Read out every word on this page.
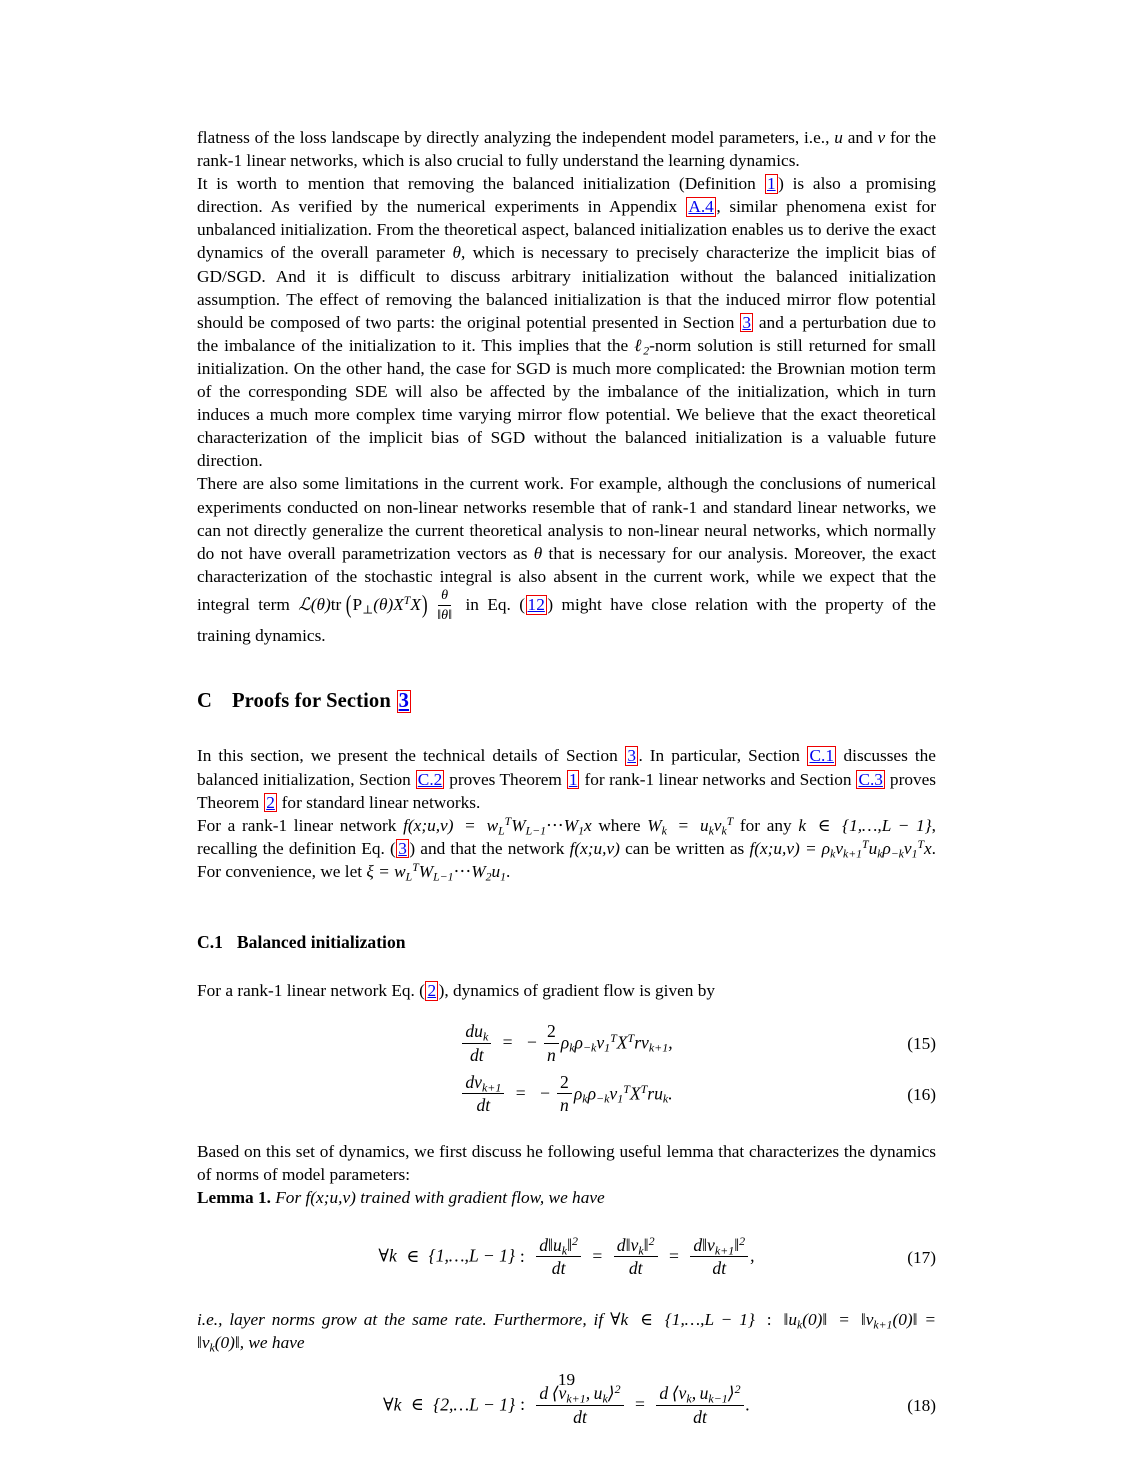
flatness of the loss landscape by directly analyzing the independent model parameters, i.e., u and v for the rank-1 linear networks, which is also crucial to fully understand the learning dynamics.

It is worth to mention that removing the balanced initialization (Definition 1 ) is also a promising direction. As verified by the numerical experiments in Appendix A.4 , similar phenomena exist for unbalanced initialization. From the theoretical aspect, balanced initialization enables us to derive the exact dynamics of the overall parameter θ, which is necessary to precisely characterize the implicit bias of GD/SGD. And it is difficult to discuss arbitrary initialization without the balanced initialization assumption. The effect of removing the balanced initialization is that the induced mirror flow potential should be composed of two parts: the original potential presented in Section 3 and a perturbation due to the imbalance of the initialization to it. This implies that the ℓ$_2$-norm solution is still returned for small initialization. On the other hand, the case for SGD is much more complicated: the Brownian motion term of the corresponding SDE will also be affected by the imbalance of the initialization, which in turn induces a much more complex time varying mirror flow potential. We believe that the exact theoretical characterization of the implicit bias of SGD without the balanced initialization is a valuable future direction.

There are also some limitations in the current work. For example, although the conclusions of numerical experiments conducted on non-linear networks resemble that of rank-1 and standard linear networks, we can not directly generalize the current theoretical analysis to non-linear neural networks, which normally do not have overall parametrization vectors as θ that is necessary for our analysis. Moreover, the exact characterization of the stochastic integral is also absent in the current work, while we expect that the integral term ℒ(θ)tr  $(P_\perp(\theta)X^TX) \frac{\theta}{‖\theta‖}$ in Eq. ( 12 ) might have close relation with the property of the training dynamics.

C Proofs for Section 3

In this section, we present the technical details of Section 3 . In particular, Section C.1 discusses the balanced initialization, Section C.2 proves Theorem 1 for rank-1 linear networks and Section C.3 proves Theorem 2 for standard linear networks.

For a rank-1 linear network f(x;u,v) = $w_L^TW_{L-1}\cdot\cdot\cdot W_1x$ where $W_k = u_kv_k^T$ for any k ∈ {1,…,L − 1}, recalling the definition Eq. ( 3 ) and that the network f(x;u,v) can be written as f(x;u,v) = $\rho_kv_{k+1}^Tu_k\rho_{-k}v_1^Tx$. For convenience, we let $\xi = w_L^TW_{L-1}\cdot\cdot\cdot W_2u_1$.

C.1 Balanced initialization

For a rank-1 linear network Eq. ( 2 ), dynamics of gradient flow is given by

$\frac{du_k}{dt}$ = − $\frac{2}{n} \rho_k\rho_{-k}v_1^TX^Trv_{k+1}$,	(15)
$\frac{dv_{k+1}}{dt}$ = − $\frac{2}{n} \rho_k\rho_{-k}v_1^TX^Tru_k$.	(16)

Based on this set of dynamics, we first discuss he following useful lemma that characterizes the dynamics of norms of model parameters:

Lemma 1. For f(x;u,v) trained with gradient flow, we have

∀k ∈ {1,…,L − 1} : $\frac{d‖u_k‖^2}{dt} = \frac{d‖v_k‖^2}{dt} = \frac{d‖v_{k+1}‖^2}{dt}$ ,	(17)

i.e., layer norms grow at the same rate. Furthermore, if ∀k ∈ {1,…,L − 1} : $‖u_k(0)‖$ = $‖v_{k+1}(0)‖$ = $‖v_k(0)‖$, we have

∀k ∈ {2,…L − 1} : $\frac{d ⟨v_{k+1}, u_k⟩^2}{dt} = \frac{d ⟨v_k, u_{k-1}⟩^2}{dt}$ .	(18)
19
